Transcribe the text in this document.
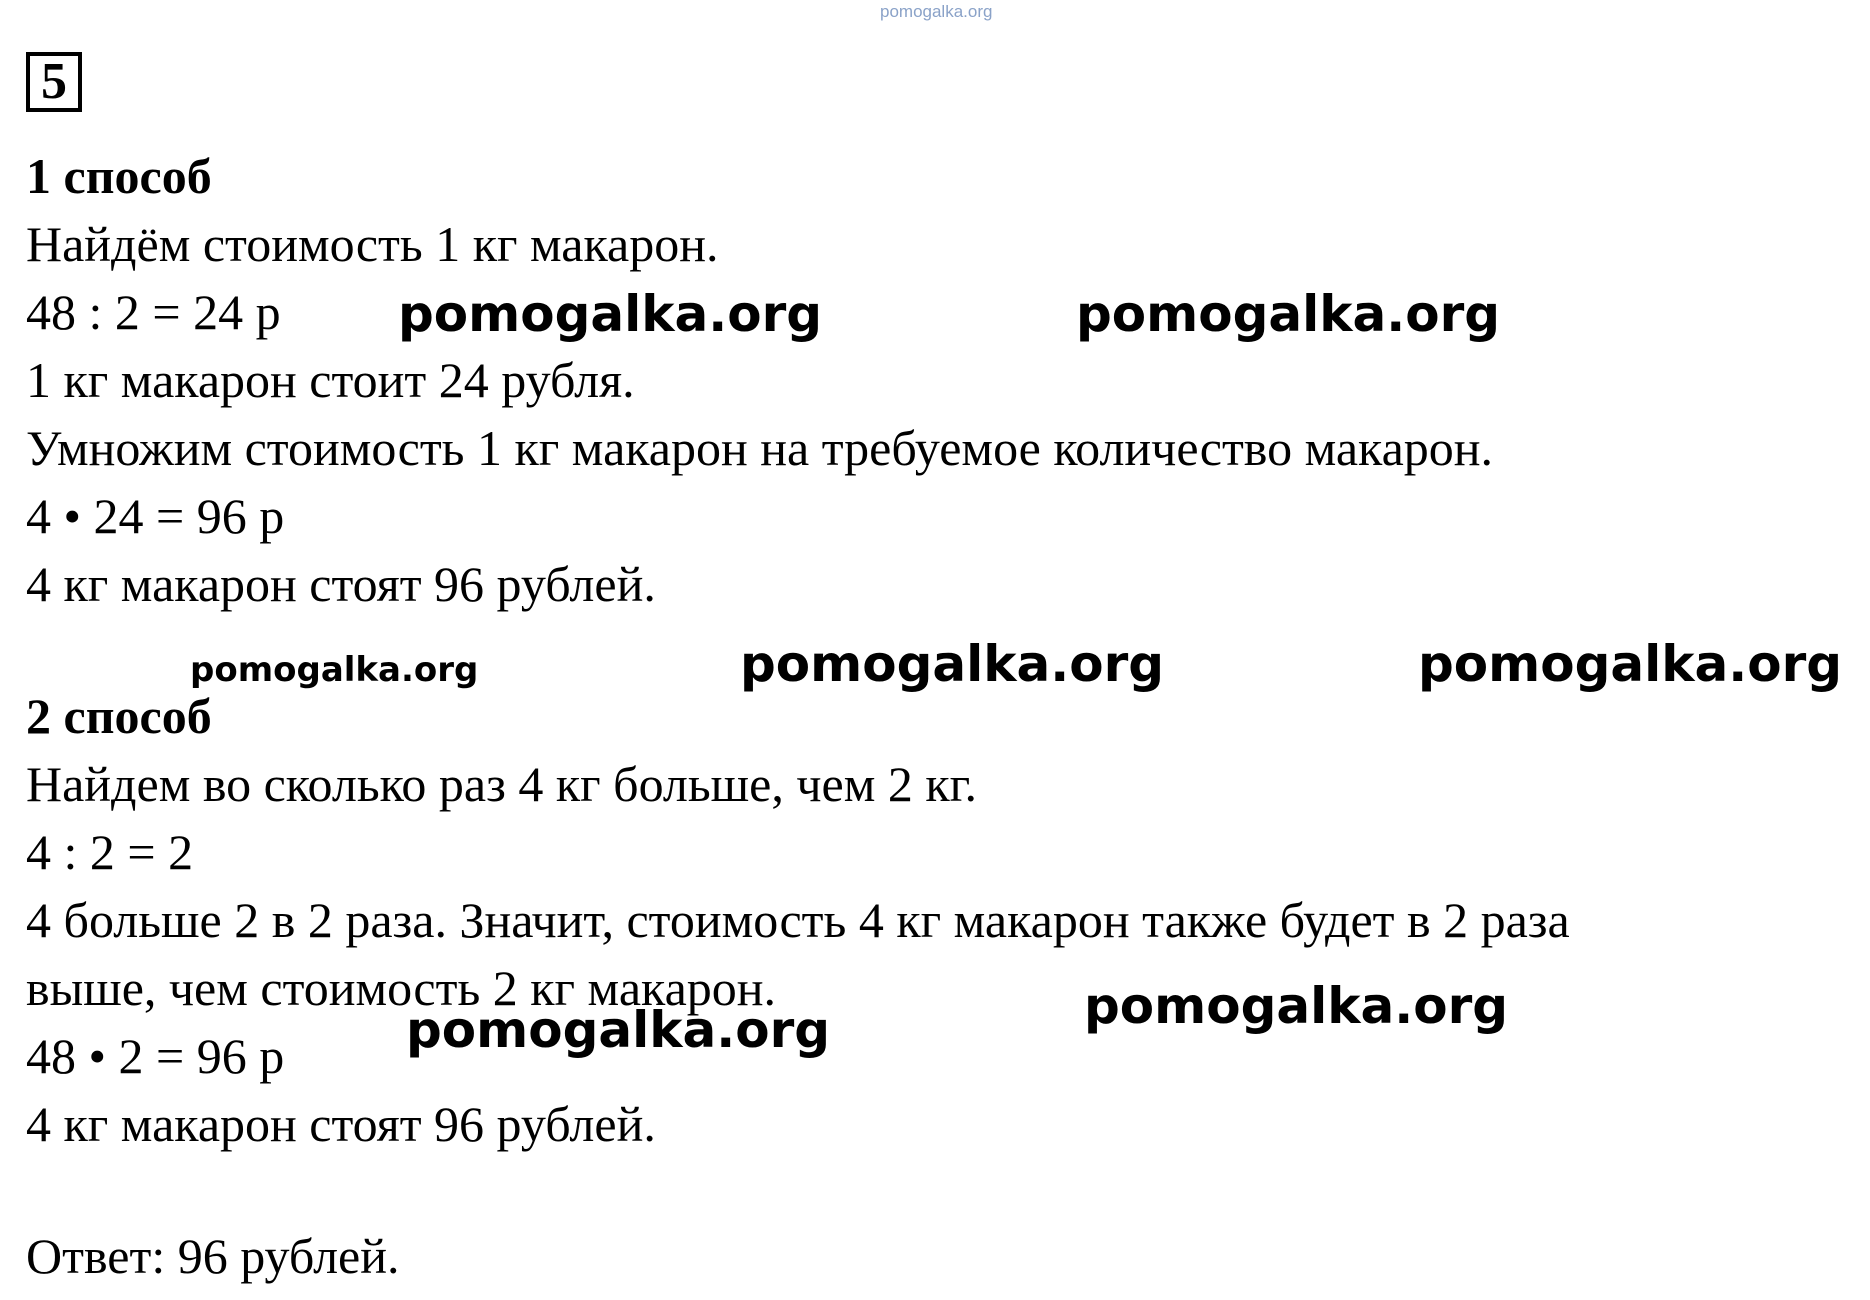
pomogalka.org
5
1 способ
Найдём стоимость 1 кг макарон.
48 : 2 = 24 р
1 кг макарон стоит 24 рубля.
Умножим стоимость 1 кг макарон на требуемое количество макарон.
4 • 24 = 96 р
4 кг макарон стоят 96 рублей.
2 способ
Найдем во сколько раз 4 кг больше, чем 2 кг.
4 : 2 = 2
4 больше 2 в 2 раза. Значит, стоимость 4 кг макарон также будет в 2 раза
выше, чем стоимость 2 кг макарон.
48 • 2 = 96 р
4 кг макарон стоят 96 рублей.
Ответ: 96 рублей.
pomogalka.org	pomogalka.org
pomogalka.org	pomogalka.org	pomogalka.org
pomogalka.org
pomogalka.org
